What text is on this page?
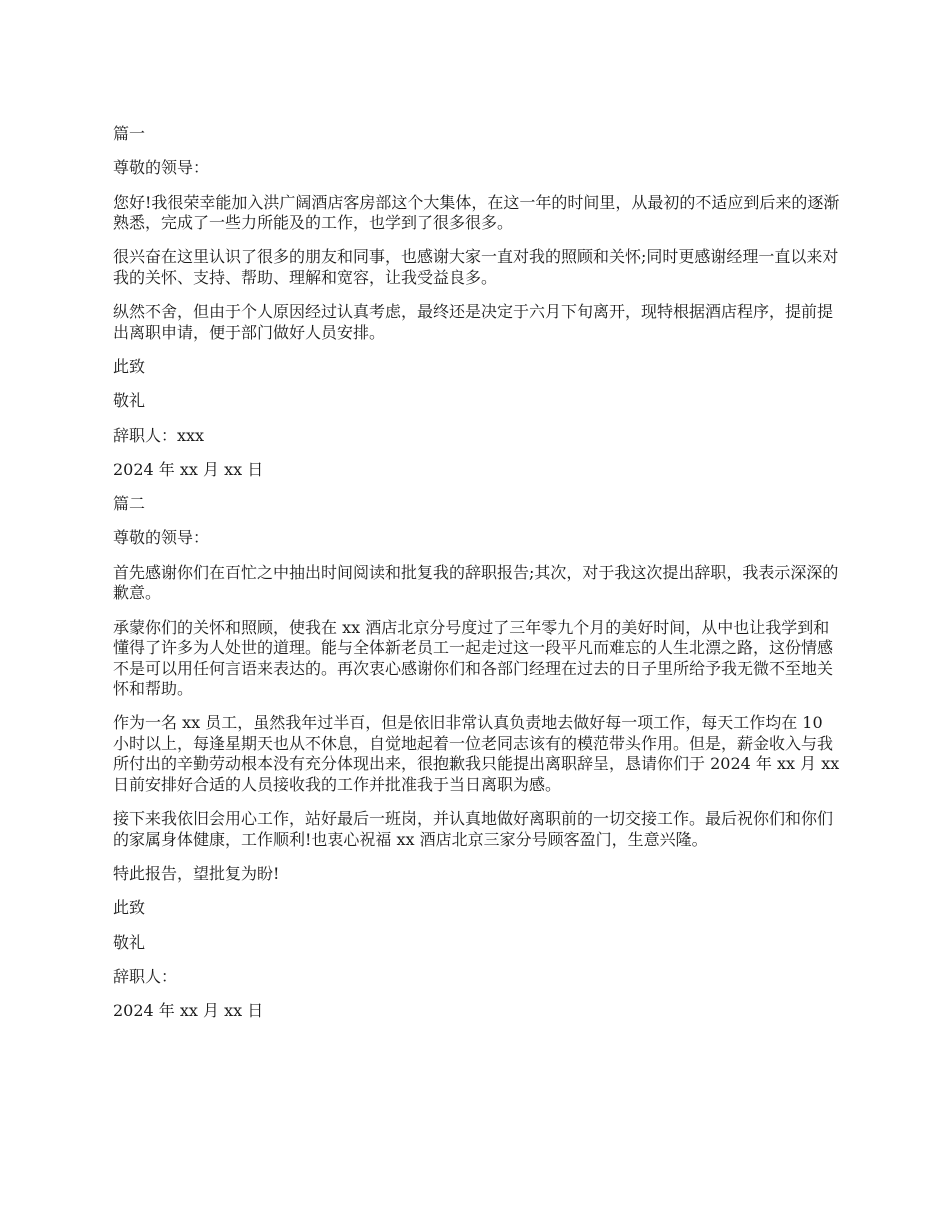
篇一

尊敬的领导：

您好!我很荣幸能加入洪广阔酒店客房部这个大集体，在这一年的时间里，从最初的不适应到后来的逐渐熟悉，完成了一些力所能及的工作，也学到了很多很多。

很兴奋在这里认识了很多的朋友和同事，也感谢大家一直对我的照顾和关怀;同时更感谢经理一直以来对我的关怀、支持、帮助、理解和宽容，让我受益良多。

纵然不舍，但由于个人原因经过认真考虑，最终还是决定于六月下旬离开，现特根据酒店程序，提前提出离职申请，便于部门做好人员安排。

此致

敬礼

辞职人：xxx

2024 年 xx 月 xx 日

篇二

尊敬的领导：

首先感谢你们在百忙之中抽出时间阅读和批复我的辞职报告;其次，对于我这次提出辞职，我表示深深的歉意。

承蒙你们的关怀和照顾，使我在 xx 酒店北京分号度过了三年零九个月的美好时间，从中也让我学到和懂得了许多为人处世的道理。能与全体新老员工一起走过这一段平凡而难忘的人生北漂之路，这份情感不是可以用任何言语来表达的。再次衷心感谢你们和各部门经理在过去的日子里所给予我无微不至地关怀和帮助。

作为一名 xx 员工，虽然我年过半百，但是依旧非常认真负责地去做好每一项工作，每天工作均在 10 小时以上，每逢星期天也从不休息，自觉地起着一位老同志该有的模范带头作用。但是，薪金收入与我所付出的辛勤劳动根本没有充分体现出来，很抱歉我只能提出离职辞呈，恳请你们于 2024 年 xx 月 xx 日前安排好合适的人员接收我的工作并批准我于当日离职为感。

接下来我依旧会用心工作，站好最后一班岗，并认真地做好离职前的一切交接工作。最后祝你们和你们的家属身体健康，工作顺利!也衷心祝福 xx 酒店北京三家分号顾客盈门，生意兴隆。

特此报告，望批复为盼!

此致

敬礼

辞职人：

2024 年 xx 月 xx 日
